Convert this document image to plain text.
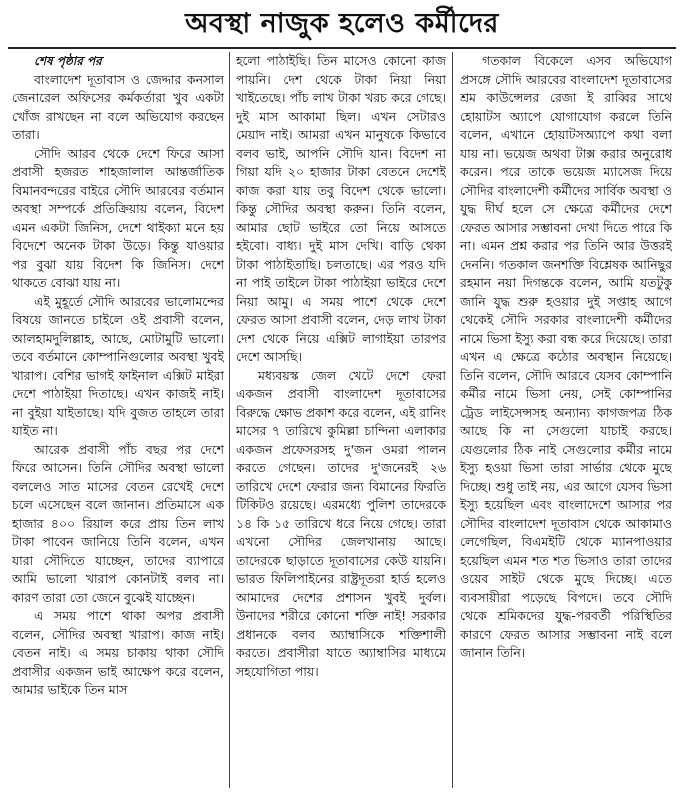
অবস্থা নাজুক হলেও কর্মীদের

শেষ পৃষ্ঠার পর

বাংলাদেশ দূতাবাস ও জেদ্দার কনসাল জেনারেল অফিসের কর্মকর্তারা খুব একটা খোঁজ রাখছেন না বলে অভিযোগ করছেন তারা।

সৌদি আরব থেকে দেশে ফিরে আসা প্রবাসী হজরত শাহজালাল আন্তর্জাতিক বিমানবন্দরের বাইরে সৌদি আরবের বর্তমান অবস্থা সম্পর্কে প্রতিক্রিয়ায় বলেন, বিদেশ এমন একটা জিনিস, দেশে থাইক্যা মনে হয় বিদেশে অনেক টাকা উড়ে। কিন্তু যাওয়ার পর বুঝা যায় বিদেশ কি জিনিস। দেশে থাকতে বোঝা যায় না।

এই মুহূর্তে সৌদি আরবের ভালোমন্দের বিষয়ে জানতে চাইলে ওই প্রবাসী বলেন, আলহামদুলিল্লাহ, আছে, মোটামুটি ভালো। তবে বর্তমানে কোম্পানিগুলোর অবস্থা খুবই খারাপ। বেশির ভাগই ফাইনাল এক্সিট মাইরা দেশে পাঠাইয়া দিতাছে। এখন কাজই নাই। না বুইয়া যাইতাছে। যদি বুজত তাহলে তারা যাইত না।

আরেক প্রবাসী পাঁচ বছর পর দেশে ফিরে আসেন। তিনি সৌদির অবস্থা ভালো বললেও সাত মাসের বেতন রেখেই দেশে চলে এসেছেন বলে জানান। প্রতিমাসে এক হাজার ৪০০ রিয়াল করে প্রায় তিন লাখ টাকা পাবেন জানিয়ে তিনি বলেন, এখন যারা সৌদিতে যাচ্ছেন, তাদের ব্যাপারে আমি ভালো খারাপ কোনটাই বলব না। কারণ তারা তো জেনে বুঝেই যাচ্ছেন।

এ সময় পাশে থাকা অপর প্রবাসী বলেন, সৌদির অবস্থা খারাপ। কাজ নাই। বেতন নাই। এ সময় চাকায় থাকা সৌদি প্রবাসীর একজন ভাই আক্ষেপ করে বলেন, আমার ভাইকে তিন মাস

হলো পাঠাইছি। তিন মাসেও কোনো কাজ পায়নি। দেশ থেকে টাকা নিয়া নিয়া খাইতেছে। পাঁচ লাখ টাকা খরচ করে গেছে। দুই মাস আকামা ছিল। এখন সেটারও মেয়াদ নাই। আমরা এখন মানুষকে কিভাবে বলব ভাই, আপনি সৌদি যান। বিদেশ না গিয়া যদি ২০ হাজার টাকা বেতনে দেশেই কাজ করা যায় তবু বিদেশ থেকে ভালো। কিন্তু সৌদির অবস্থা করুন। তিনি বলেন, আমার ছোট ভাইরে তো নিয়ে আসতে হইবো। বাধ্য। দুই মাস দেখি। বাড়ি থেকা টাকা পাঠাইতাছি। চলতাছে। এর পরও যদি না পাই তাইলে টাকা পাঠাইয়া ভাইরে দেশে নিয়া আমু। এ সময় পাশে থেকে দেশে ফেরত আসা প্রবাসী বলেন, দেড় লাখ টাকা দেশ থেকে নিয়ে এক্সিট লাগাইয়া তারপর দেশে আসছি।

মধ্যবয়স্ক জেল খেটে দেশে ফেরা একজন প্রবাসী বাংলাদেশ দূতাবাসের বিরুদ্ধে ক্ষোভ প্রকাশ করে বলেন, এই রানিং মাসের ৭ তারিখে কুমিল্লা চান্দিনা এলাকার একজন প্রফেসরসহ দু'জন ওমরা পালন করতে গেছেন। তাদের দু'জনেরই ২৬ তারিখে দেশে ফেরার জন্য বিমানের ফিরতি টিকিটও রয়েছে। এরমধ্যে পুলিশ তাদেরকে ১৪ কি ১৫ তারিখে ধরে নিয়ে গেছে। তারা এখনো সৌদির জেলখানায় আছে। তাদেরকে ছাড়াতে দূতাবাসের কেউ যায়নি। ভারত ফিলিপাইনের রাষ্ট্রদূতরা হার্ড হলেও আমাদের দেশের প্রশাসন খুবই দুর্বল। উনাদের শরীরে কোনো শক্তি নাই! সরকার প্রধানকে বলব অ্যাম্বাসিকে শক্তিশালী করতে। প্রবাসীরা যাতে অ্যাম্বাসির মাধ্যমে সহযোগিতা পায়।

গতকাল বিকেলে এসব অভিযোগ প্রসঙ্গে সৌদি আরবের বাংলাদেশ দূতাবাসের শ্রম কাউন্সেলর রেজা ই রাব্বির সাথে হোয়াটস অ্যাপে যোগাযোগ করলে তিনি বলেন, এখানে হোয়াটসঅ্যাপে কথা বলা যায় না। ভয়েজ অথবা টাক্স করার অনুরোধ করেন। পরে তাকে ভয়েজ ম্যাসেজ দিয়ে সৌদির বাংলাদেশী কর্মীদের সার্বিক অবস্থা ও যুদ্ধ দীর্ঘ হলে সে ক্ষেত্রে কর্মীদের দেশে ফেরত আসার সম্ভাবনা দেখা দিতে পারে কি না। এমন প্রশ্ন করার পর তিনি আর উত্তরই দেননি। গতকাল জনশক্তি বিশ্লেষক আনিছুর রহমান নয়া দিগন্তকে বলেন, আমি যতটুকু জানি যুদ্ধ শুরু হওয়ার দুই সপ্তাহ আগে থেকেই সৌদি সরকার বাংলাদেশী কর্মীদের নামে ভিসা ইস্যু করা বন্ধ করে দিয়েছে। তারা এখন এ ক্ষেত্রে কঠোর অবস্থান নিয়েছে। তিনি বলেন, সৌদি আরবে যেসব কোম্পানি কর্মীর নামে ভিসা নেয়, সেই কোম্পানির ট্রেড লাইসেন্সসহ অন্যান্য কাগজপত্র ঠিক আছে কি না সেগুলো যাচাই করছে। যেগুলোর ঠিক নাই সেগুলোর কর্মীর নামে ইস্যু হওয়া ভিসা তারা সার্ভার থেকে মুছে দিচ্ছে। শুধু তাই নয়, এর আগে যেসব ভিসা ইস্যু হয়েছিল এবং বাংলাদেশে আসার পর সৌদির বাংলাদেশ দূতাবাস থেকে আকামাও লেগেছিল, বিএমইটি থেকে ম্যানপাওয়ার হয়েছিল এমন শত শত ভিসাও তারা তাদের ওয়েব সাইট থেকে মুছে দিচ্ছে। এতে ব্যবসায়ীরা পড়েছে বিপদে। তবে সৌদি থেকে শ্রমিকদের যুদ্ধ-পরবর্তী পরিস্থিতির কারণে ফেরত আসার সম্ভাবনা নাই বলে জানান তিনি।
